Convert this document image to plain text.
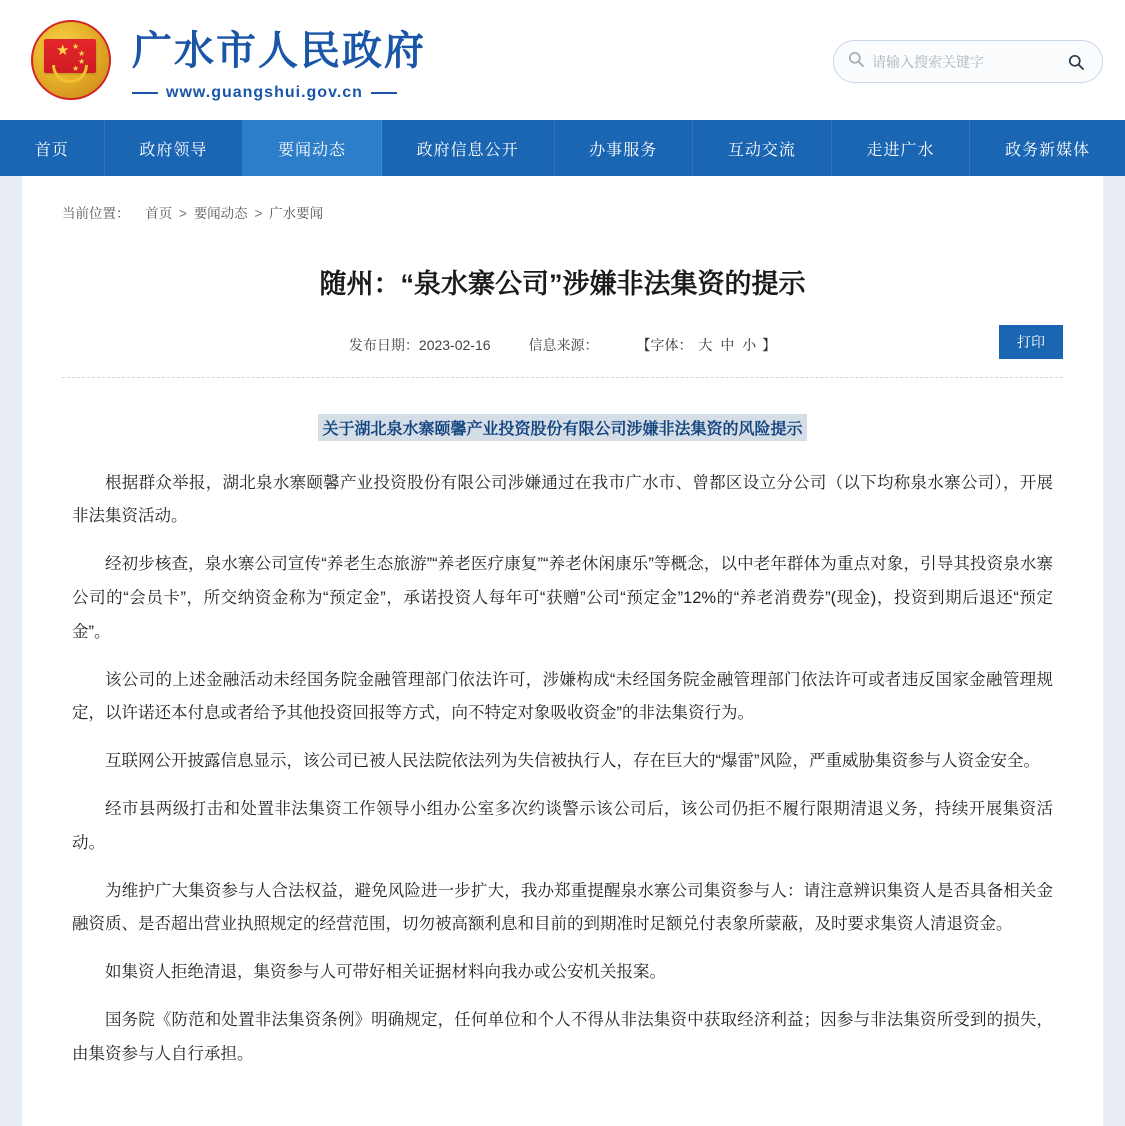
★ ★
★
★
★ 广水市人民政府
www.guangshui.gov.cn
请输入搜索关键字
首页	政府领导	要闻动态	政府信息公开	办事服务	互动交流	走进广水	政务新媒体
当前位置： 首页 > 要闻动态 > 广水要闻
随州：“泉水寨公司”涉嫌非法集资的提示
发布日期：2023-02-16	信息来源：	【字体： 大 中 小 】	打印
关于湖北泉水寨颐馨产业投资股份有限公司涉嫌非法集资的风险提示

根据群众举报，湖北泉水寨颐馨产业投资股份有限公司涉嫌通过在我市广水市、曾都区设立分公司（以下均称泉水寨公司），开展非法集资活动。

经初步核查，泉水寨公司宣传“养老生态旅游”“养老医疗康复”“养老休闲康乐”等概念，以中老年群体为重点对象，引导其投资泉水寨公司的“会员卡”，所交纳资金称为“预定金”，承诺投资人每年可“获赠”公司“预定金”12%的“养老消费券”(现金)，投资到期后退还“预定金”。

该公司的上述金融活动未经国务院金融管理部门依法许可，涉嫌构成“未经国务院金融管理部门依法许可或者违反国家金融管理规定，以许诺还本付息或者给予其他投资回报等方式，向不特定对象吸收资金”的非法集资行为。

互联网公开披露信息显示，该公司已被人民法院依法列为失信被执行人，存在巨大的“爆雷”风险，严重威胁集资参与人资金安全。

经市县两级打击和处置非法集资工作领导小组办公室多次约谈警示该公司后，该公司仍拒不履行限期清退义务，持续开展集资活动。

为维护广大集资参与人合法权益，避免风险进一步扩大，我办郑重提醒泉水寨公司集资参与人：请注意辨识集资人是否具备相关金融资质、是否超出营业执照规定的经营范围，切勿被高额利息和目前的到期准时足额兑付表象所蒙蔽，及时要求集资人清退资金。

如集资人拒绝清退，集资参与人可带好相关证据材料向我办或公安机关报案。

国务院《防范和处置非法集资条例》明确规定，任何单位和个人不得从非法集资中获取经济利益；因参与非法集资所受到的损失，由集资参与人自行承担。
